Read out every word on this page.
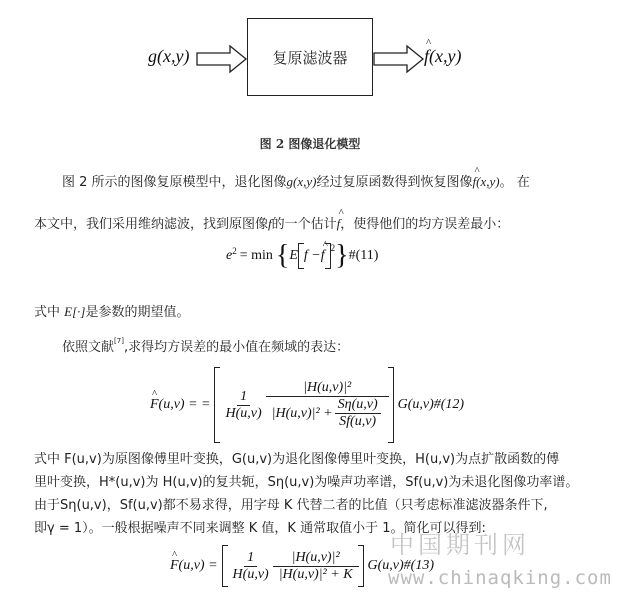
g(x,y)	复原滤波器	^ f(x,y)
图 2 图像退化模型

图 2 所示的图像复原模型中，退化图像g(x,y)经过复原函数得到恢复图像^ f(x,y)。 在

本文中，我们采用维纳滤波，找到原图像f的一个估计^ f，使得他们的均方误差最小：

$e^2 = \min$ { E f − ^ f $^2$ } #(11)

式中 E[·]是参数的期望值。

依照文献[7],求得均方误差的最小值在频域的表达：

^ F(u,v) = = $\frac{1}{H(u,v)} \frac{\text{|H(u,v)|²}}{|H(u,v)|^2 + \frac{S\eta(u,v)}{Sf(u,v)}}$ G(u,v)#(12)

式中 F(u,v)为原图像傅里叶变换，G(u,v)为退化图像傅里叶变换，H(u,v)为点扩散函数的傅

里叶变换，H*(u,v)为 H(u,v)的复共轭，Sη(u,v)为噪声功率谱，Sf(u,v)为未退化图像功率谱。

由于Sη(u,v)，Sf(u,v)都不易求得，用字母 K 代替二者的比值（只考虑标准滤波器条件下,

即γ = 1）。一般根据噪声不同来调整 K 值，K 通常取值小于 1。简化可以得到:

^ $F(u,v) = \frac{1}{H(u,v)} \frac{\text{|H(u,v)|²}}{\text{|H(u,v)|² + K}}$ G(u,v)#(13)
中国期刊网
www.chinaqking.com
